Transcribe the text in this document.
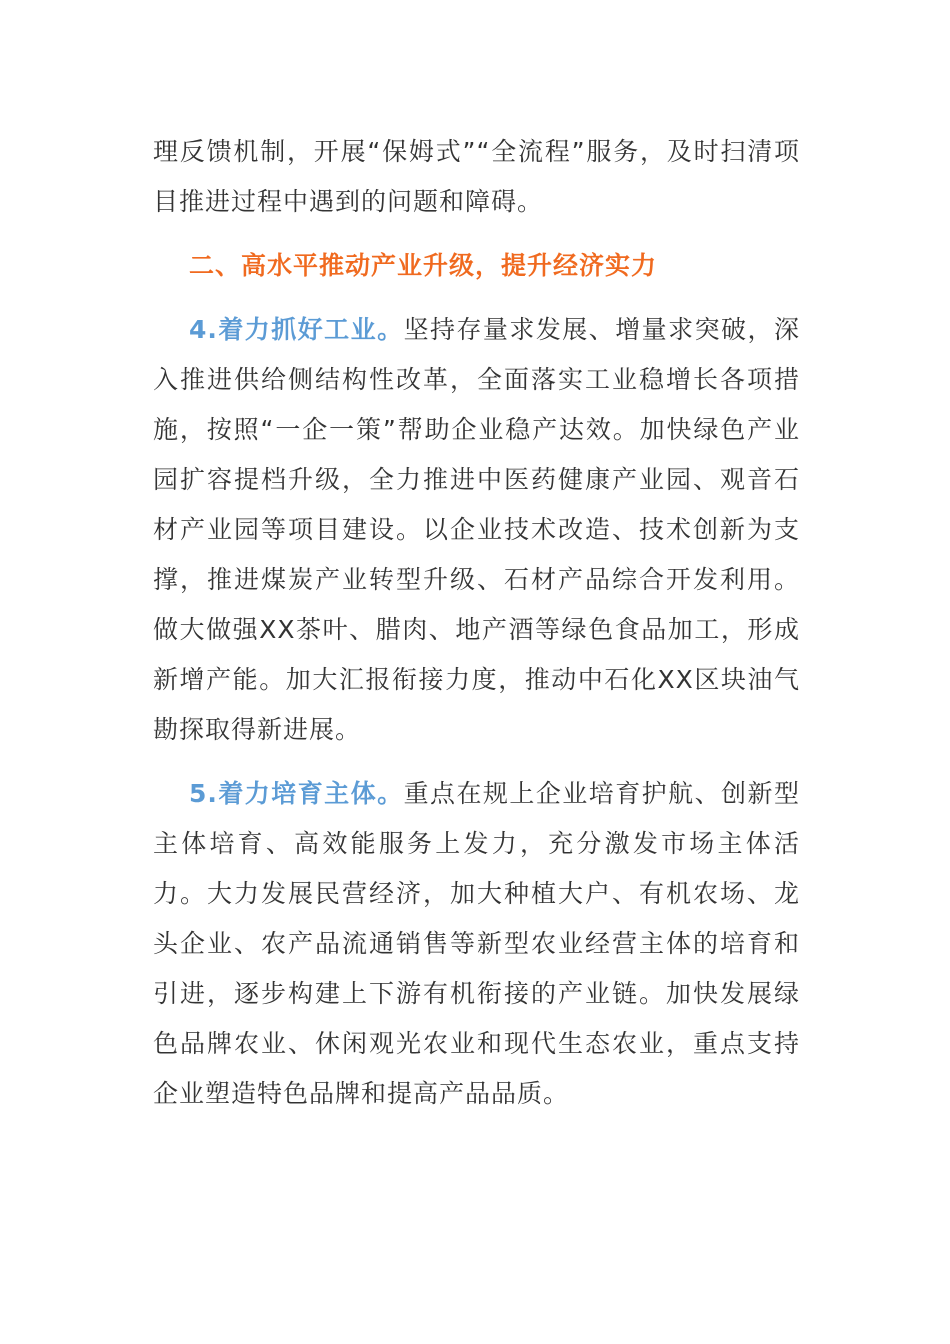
理反馈机制，开展“保姆式”“全流程”服务，及时扫清项目推进过程中遇到的问题和障碍。

二、高水平推动产业升级，提升经济实力

4.着力抓好工业。坚持存量求发展、增量求突破，深入推进供给侧结构性改革，全面落实工业稳增长各项措施，按照“一企一策”帮助企业稳产达效。加快绿色产业园扩容提档升级，全力推进中医药健康产业园、观音石材产业园等项目建设。以企业技术改造、技术创新为支撑，推进煤炭产业转型升级、石材产品综合开发利用。做大做强XX茶叶、腊肉、地产酒等绿色食品加工，形成新增产能。加大汇报衔接力度，推动中石化XX区块油气勘探取得新进展。

5.着力培育主体。重点在规上企业培育护航、创新型主体培育、高效能服务上发力，充分激发市场主体活力。大力发展民营经济，加大种植大户、有机农场、龙头企业、农产品流通销售等新型农业经营主体的培育和引进，逐步构建上下游有机衔接的产业链。加快发展绿色品牌农业、休闲观光农业和现代生态农业，重点支持企业塑造特色品牌和提高产品品质。
